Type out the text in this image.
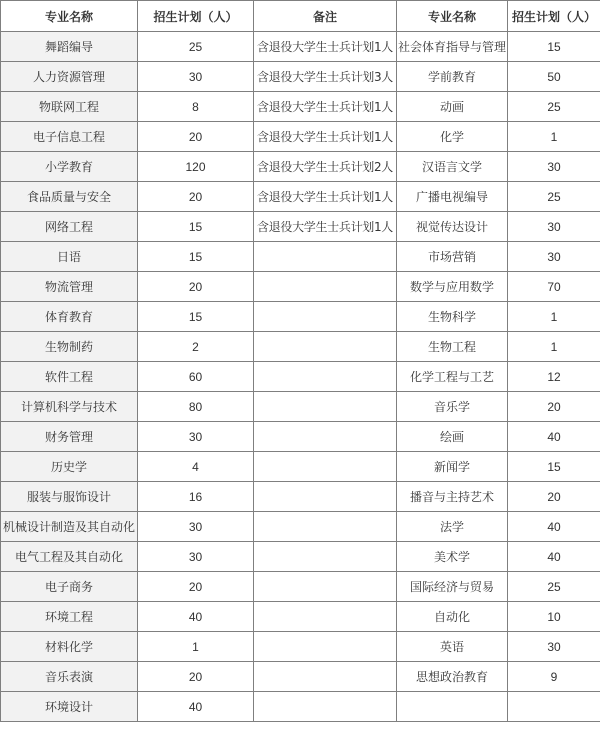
专业名称	招生计划（人）	备注	专业名称	招生计划（人）
舞蹈编导	25	含退役大学生士兵计划1人	社会体育指导与管理	15
人力资源管理	30	含退役大学生士兵计划3人	学前教育	50
物联网工程	8	含退役大学生士兵计划1人	动画	25
电子信息工程	20	含退役大学生士兵计划1人	化学	1
小学教育	120	含退役大学生士兵计划2人	汉语言文学	30
食品质量与安全	20	含退役大学生士兵计划1人	广播电视编导	25
网络工程	15	含退役大学生士兵计划1人	视觉传达设计	30
日语	15		市场营销	30
物流管理	20		数学与应用数学	70
体育教育	15		生物科学	1
生物制药	2		生物工程	1
软件工程	60		化学工程与工艺	12
计算机科学与技术	80		音乐学	20
财务管理	30		绘画	40
历史学	4		新闻学	15
服装与服饰设计	16		播音与主持艺术	20
机械设计制造及其自动化	30		法学	40
电气工程及其自动化	30		美术学	40
电子商务	20		国际经济与贸易	25
环境工程	40		自动化	10
材料化学	1		英语	30
音乐表演	20		思想政治教育	9
环境设计	40			
